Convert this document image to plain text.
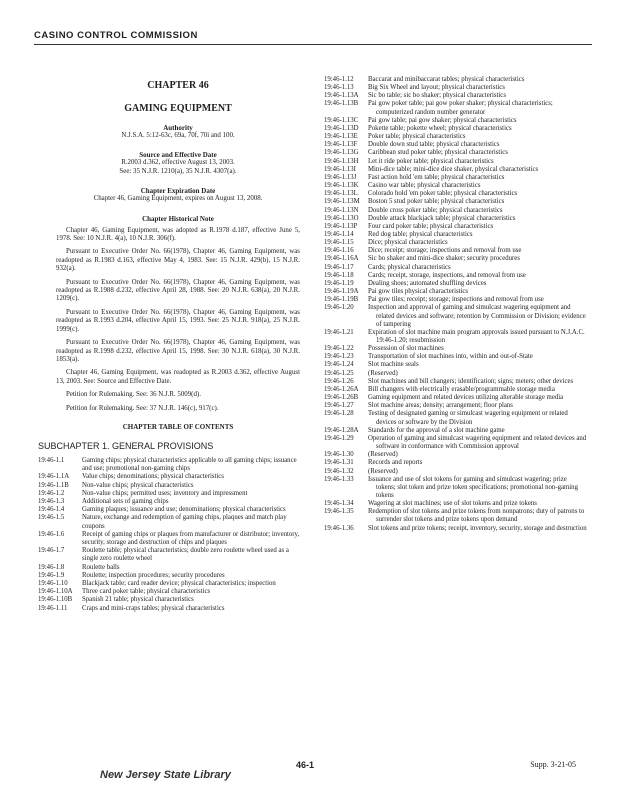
CASINO CONTROL COMMISSION
CHAPTER 46
GAMING EQUIPMENT
Authority
N.J.S.A. 5:12-63c, 69a, 70f, 70i and 100.
Source and Effective Date
R.2003 d.362, effective August 13, 2003.
See: 35 N.J.R. 1210(a), 35 N.J.R. 4307(a).
Chapter Expiration Date
Chapter 46, Gaming Equipment, expires on August 13, 2008.
Chapter Historical Note

Chapter 46, Gaming Equipment, was adopted as R.1978 d.187, effective June 5, 1978. See: 10 N.J.R. 4(a), 10 N.J.R. 306(f).

Pursuant to Executive Order No. 66(1978), Chapter 46, Gaming Equipment, was readopted as R.1983 d.163, effective May 4, 1983. See: 15 N.J.R. 429(b), 15 N.J.R. 932(a).

Pursuant to Executive Order No. 66(1978), Chapter 46, Gaming Equipment, was readopted as R.1988 d.232, effective April 28, 1988. See: 20 N.J.R. 638(a), 20 N.J.R. 1209(c).

Pursuant to Executive Order No. 66(1978), Chapter 46, Gaming Equipment, was readopted as R.1993 d.204, effective April 15, 1993. See: 25 N.J.R. 918(a), 25 N.J.R. 1999(c).

Pursuant to Executive Order No. 66(1978), Chapter 46, Gaming Equipment, was readopted as R.1998 d.232, effective April 15, 1998. See: 30 N.J.R. 618(a), 30 N.J.R. 1853(a).

Chapter 46, Gaming Equipment, was readopted as R.2003 d.362, effective August 13, 2003. See: Source and Effective Date.

Petition for Rulemaking. See: 36 N.J.R. 5009(d).

Petition for Rulemaking. See: 37 N.J.R. 146(c), 917(c).

CHAPTER TABLE OF CONTENTS
SUBCHAPTER 1. GENERAL PROVISIONS
19:46-1.1	Gaming chips; physical characteristics applicable to all gaming chips; issuance and use; promotional non-gaming chips
19:46-1.1A	Value chips; denominations; physical characteristics
19:46-1.1B	Non-value chips; physical characteristics
19:46-1.2	Non-value chips; permitted uses; inventory and impressment
19:46-1.3	Additional sets of gaming chips
19:46-1.4	Gaming plaques; issuance and use; denominations; physical characteristics
19:46-1.5	Nature, exchange and redemption of gaming chips, plaques and match play coupons
19:46-1.6	Receipt of gaming chips or plaques from manufacturer or distributor; inventory, security, storage and destruction of chips and plaques
19:46-1.7	Roulette table; physical characteristics; double zero roulette wheel used as a single zero roulette wheel
19:46-1.8	Roulette balls
19:46-1.9	Roulette; inspection procedures; security procedures
19:46-1.10	Blackjack table; card reader device; physical characteristics; inspection
19:46-1.10A	Three card poker table; physical characteristics
19:46-1.10B	Spanish 21 table; physical characteristics
19:46-1.11	Craps and mini-craps tables; physical characteristics
19:46-1.12	Baccarat and minibaccarat tables; physical characteristics
19:46-1.13	Big Six Wheel and layout; physical characteristics
19:46-1.13A	Sic bo table; sic bo shaker; physical characteristics
19:46-1.13B	Pai gow poker table; pai gow poker shaker; physical characteristics; computerized random number generator
19:46-1.13C	Pai gow table; pai gow shaker; physical characteristics
19:46-1.13D	Pokette table; pokette wheel; physical characteristics
19:46-1.13E	Poker table; physical characteristics
19:46-1.13F	Double down stud table; physical characteristics
19:46-1.13G	Caribbean stud poker table; physical characteristics
19:46-1.13H	Let it ride poker table; physical characteristics
19:46-1.13I	Mini-dice table; mini-dice dice shaker, physical characteristics
19:46-1.13J	Fast action hold 'em table; physical characteristics
19:46-1.13K	Casino war table; physical characteristics
19:46-1.13L	Colorado hold 'em poker table; physical characteristics
19:46-1.13M	Boston 5 stud poker table; physical characteristics
19:46-1.13N	Double cross poker table; physical characteristics
19:46-1.13O	Double attack blackjack table; physical characteristics
19:46-1.13P	Four card poker table; physical characteristics
19:46-1.14	Red dog table; physical characteristics
19:46-1.15	Dice; physical characteristics
19:46-1.16	Dice; receipt; storage; inspections and removal from use
19:46-1.16A	Sic bo shaker and mini-dice shaker; security procedures
19:46-1.17	Cards; physical characteristics
19:46-1.18	Cards; receipt, storage, inspections, and removal from use
19:46-1.19	Dealing shoes; automated shuffling devices
19:46-1.19A	Pai gow tiles physical characteristics
19:46-1.19B	Pai gow tiles; receipt; storage; inspections and removal from use
19:46-1.20	Inspection and approval of gaming and simulcast wagering equipment and related devices and software; retention by Commission or Division; evidence of tampering
19:46-1.21	Expiration of slot machine main program approvals issued pursuant to N.J.A.C. 19:46-1.20; resubmission
19:46-1.22	Possession of slot machines
19:46-1.23	Transportation of slot machines into, within and out-of-State
19:46-1.24	Slot machine seals
19:46-1.25	(Reserved)
19:46-1.26	Slot machines and bill changers; identification; signs; meters; other devices
19:46-1.26A	Bill changers with electrically erasable/programmable storage media
19:46-1.26B	Gaming equipment and related devices utilizing alterable storage media
19:46-1.27	Slot machine areas; density; arrangement; floor plans
19:46-1.28	Testing of designated gaming or simulcast wagering equipment or related devices or software by the Division
19:46-1.28A	Standards for the approval of a slot machine game
19:46-1.29	Operation of gaming and simulcast wagering equipment and related devices and software in conformance with Commission approval
19:46-1.30	(Reserved)
19:46-1.31	Records and reports
19:46-1.32	(Reserved)
19:46-1.33	Issuance and use of slot tokens for gaming and simulcast wagering; prize tokens; slot token and prize token specifications; promotional non-gaming tokens
19:46-1.34	Wagering at slot machines; use of slot tokens and prize tokens
19:46-1.35	Redemption of slot tokens and prize tokens from nonpatrons; duty of patrons to surrender slot tokens and prize tokens upon demand
19:46-1.36	Slot tokens and prize tokens; receipt, inventory, security, storage and destruction
46-1	Supp. 3-21-05
New Jersey State Library
